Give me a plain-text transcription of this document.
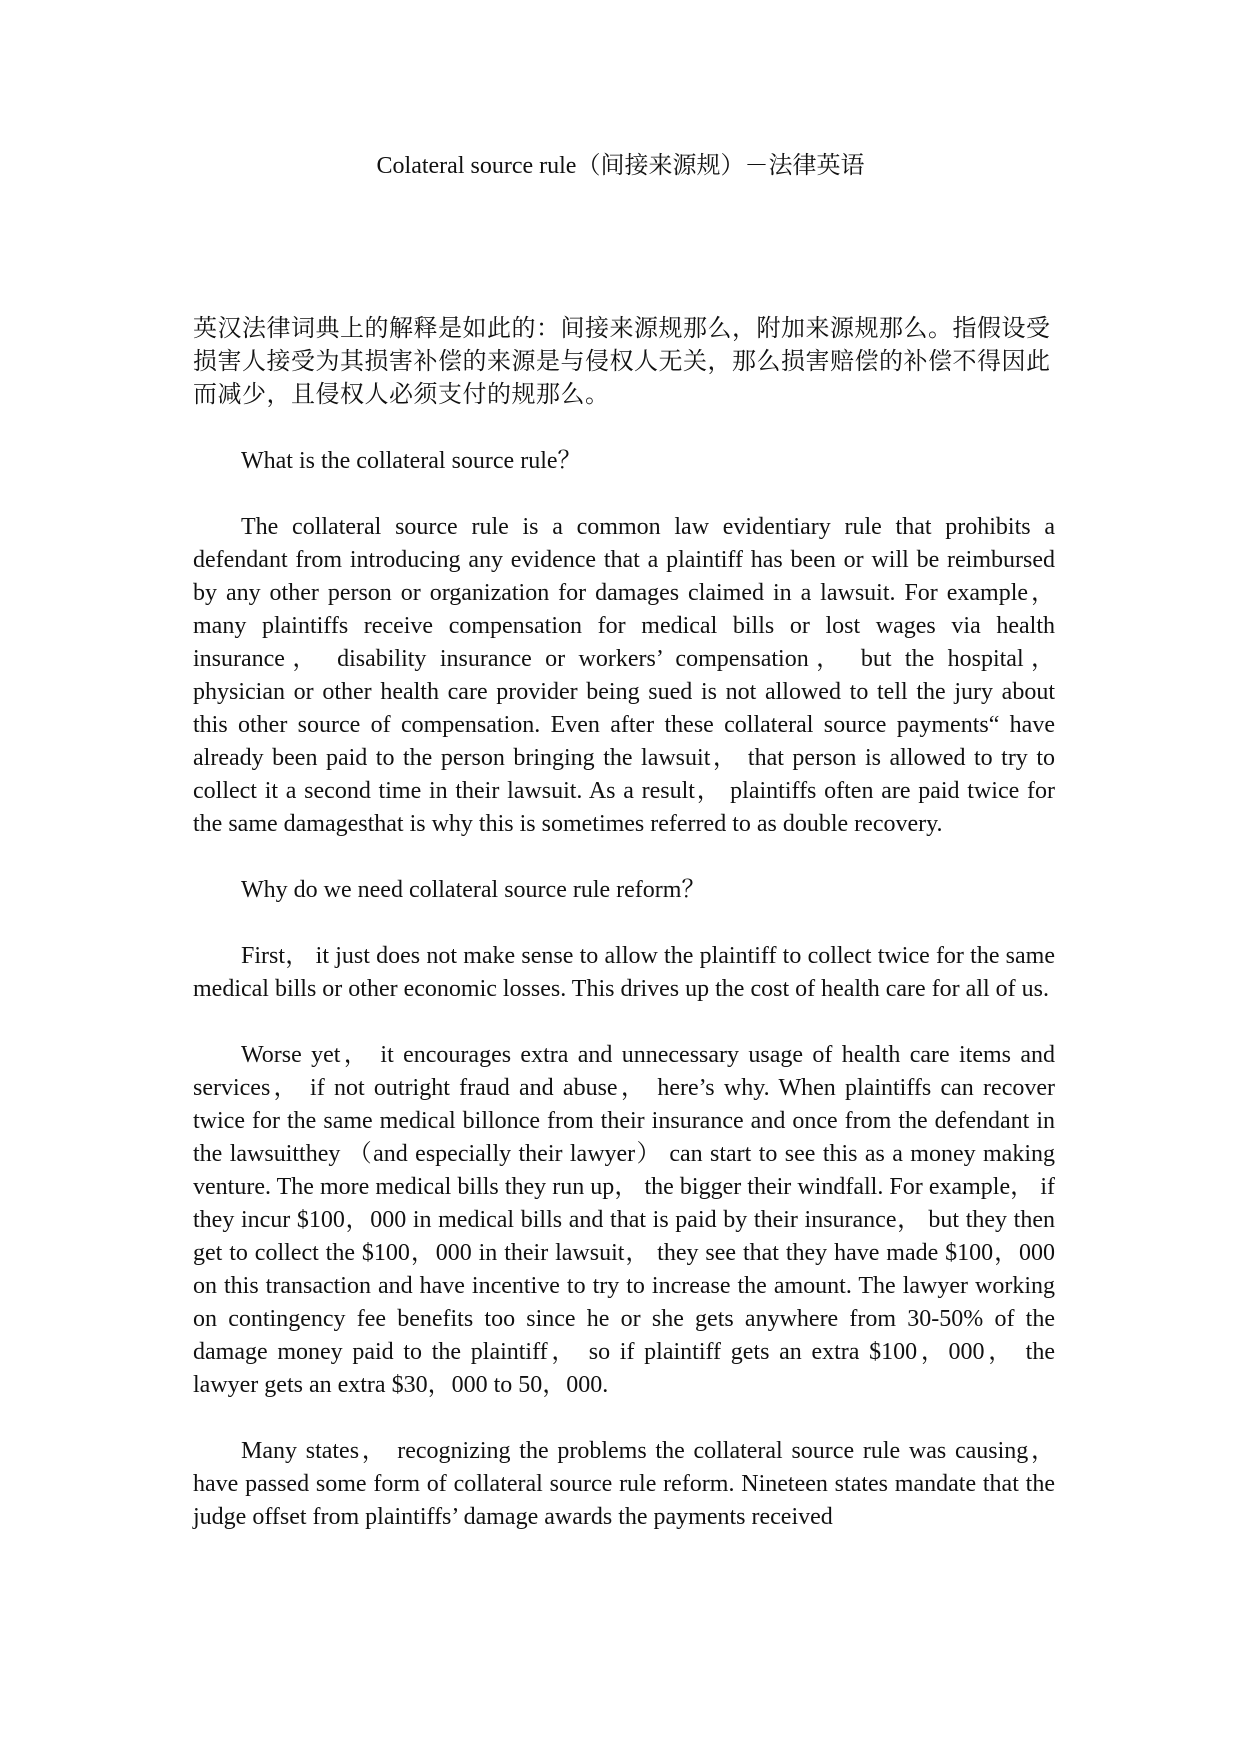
Colateral source rule（间接来源规）－法律英语

英汉法律词典上的解释是如此的：间接来源规那么，附加来源规那么。指假设受损害人接受为其损害补偿的来源是与侵权人无关，那么损害赔偿的补偿不得因此而减少，且侵权人必须支付的规那么。

What is the collateral source rule？

The collateral source rule is a common law evidentiary rule that prohibits a defendant from introducing any evidence that a plaintiff has been or will be reimbursed by any other person or organization for damages claimed in a lawsuit. For example， many plaintiffs receive compensation for medical bills or lost wages via health insurance， disability insurance or workers’ compensation， but the hospital， physician or other health care provider being sued is not allowed to tell the jury about this other source of compensation. Even after these collateral source payments“ have already been paid to the person bringing the lawsuit， that person is allowed to try to collect it a second time in their lawsuit. As a result， plaintiffs often are paid twice for the same damagesthat is why this is sometimes referred to as double recovery.

Why do we need collateral source rule reform？

First， it just does not make sense to allow the plaintiff to collect twice for the same medical bills or other economic losses. This drives up the cost of health care for all of us.

Worse yet， it encourages extra and unnecessary usage of health care items and services， if not outright fraud and abuse， here’s why. When plaintiffs can recover twice for the same medical billonce from their insurance and once from the defendant in the lawsuitthey （and especially their lawyer） can start to see this as a money making venture. The more medical bills they run up， the bigger their windfall. For example， if they incur $100，000 in medical bills and that is paid by their insurance， but they then get to collect the $100，000 in their lawsuit， they see that they have made $100，000 on this transaction and have incentive to try to increase the amount. The lawyer working on contingency fee benefits too since he or she gets anywhere from 30-50% of the damage money paid to the plaintiff， so if plaintiff gets an extra $100，000， the lawyer gets an extra $30，000 to 50，000.

Many states， recognizing the problems the collateral source rule was causing， have passed some form of collateral source rule reform. Nineteen states mandate that the judge offset from plaintiffs’ damage awards the payments received
